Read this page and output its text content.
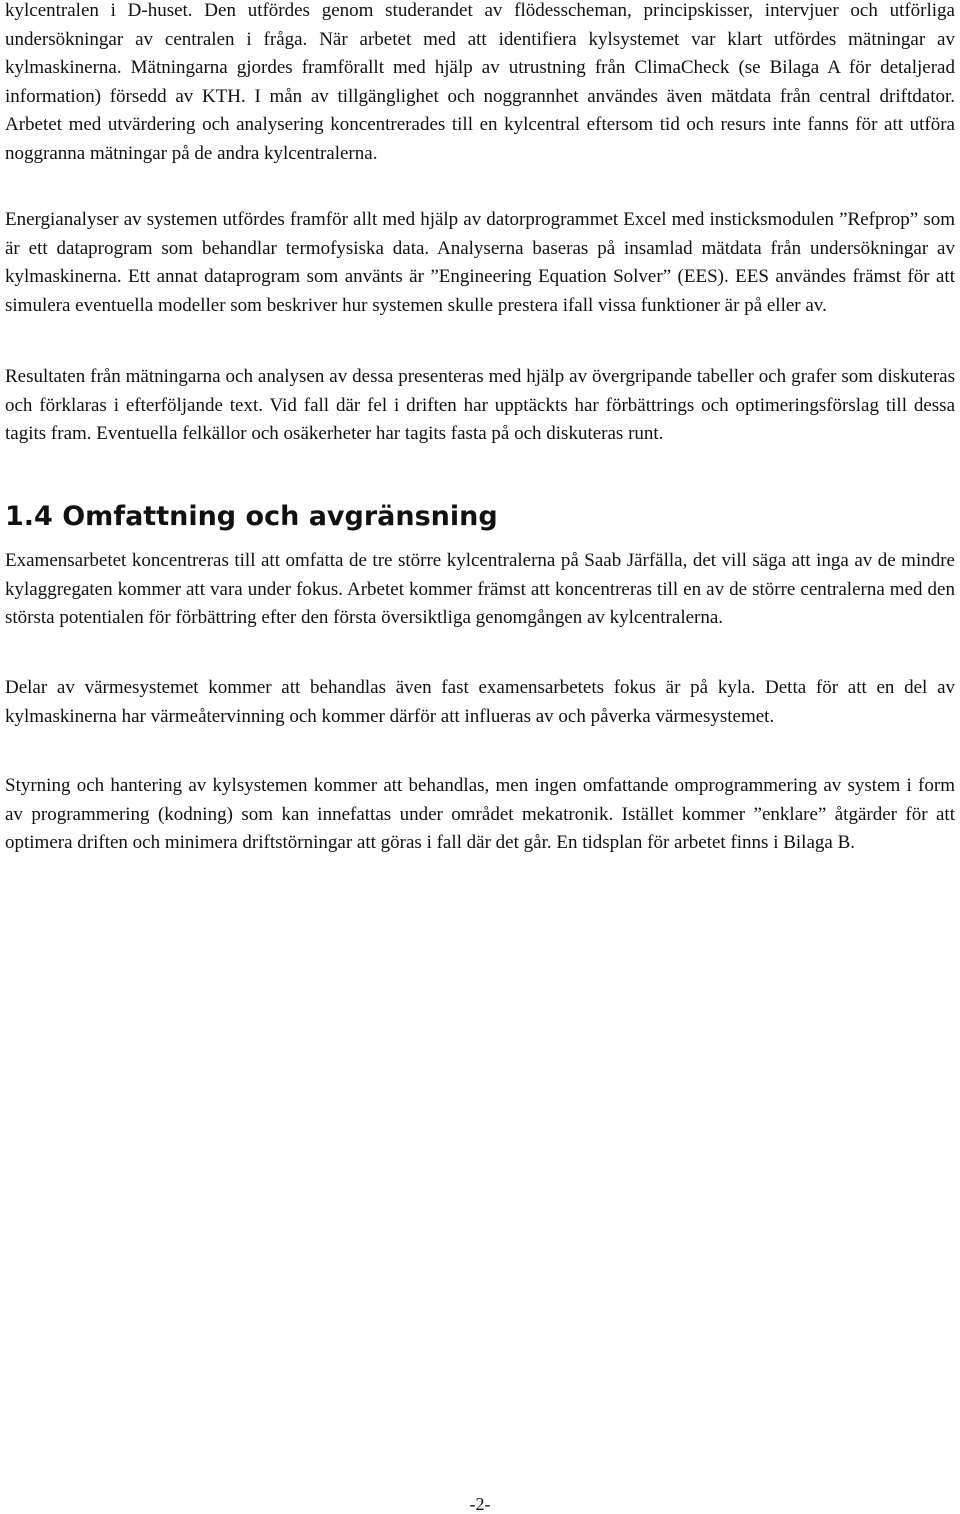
kylcentralen i D-huset. Den utfördes genom studerandet av flödesscheman, principskisser, intervjuer och utförliga undersökningar av centralen i fråga. När arbetet med att identifiera kylsystemet var klart utfördes mätningar av kylmaskinerna. Mätningarna gjordes framförallt med hjälp av utrustning från ClimaCheck (se Bilaga A för detaljerad information) försedd av KTH. I mån av tillgänglighet och noggrannhet användes även mätdata från central driftdator. Arbetet med utvärdering och analysering koncentrerades till en kylcentral eftersom tid och resurs inte fanns för att utföra noggranna mätningar på de andra kylcentralerna.

Energianalyser av systemen utfördes framför allt med hjälp av datorprogrammet Excel med insticksmodulen ”Refprop” som är ett dataprogram som behandlar termofysiska data. Analyserna baseras på insamlad mätdata från undersökningar av kylmaskinerna. Ett annat dataprogram som använts är ”Engineering Equation Solver” (EES). EES användes främst för att simulera eventuella modeller som beskriver hur systemen skulle prestera ifall vissa funktioner är på eller av.

Resultaten från mätningarna och analysen av dessa presenteras med hjälp av övergripande tabeller och grafer som diskuteras och förklaras i efterföljande text. Vid fall där fel i driften har upptäckts har förbättrings och optimeringsförslag till dessa tagits fram. Eventuella felkällor och osäkerheter har tagits fasta på och diskuteras runt.

1.4 Omfattning och avgränsning

Examensarbetet koncentreras till att omfatta de tre större kylcentralerna på Saab Järfälla, det vill säga att inga av de mindre kylaggregaten kommer att vara under fokus. Arbetet kommer främst att koncentreras till en av de större centralerna med den största potentialen för förbättring efter den första översiktliga genomgången av kylcentralerna.

Delar av värmesystemet kommer att behandlas även fast examensarbetets fokus är på kyla. Detta för att en del av kylmaskinerna har värmeåtervinning och kommer därför att influeras av och påverka värmesystemet.

Styrning och hantering av kylsystemen kommer att behandlas, men ingen omfattande omprogrammering av system i form av programmering (kodning) som kan innefattas under området mekatronik. Istället kommer ”enklare” åtgärder för att optimera driften och minimera driftstörningar att göras i fall där det går. En tidsplan för arbetet finns i Bilaga B.

-2-
